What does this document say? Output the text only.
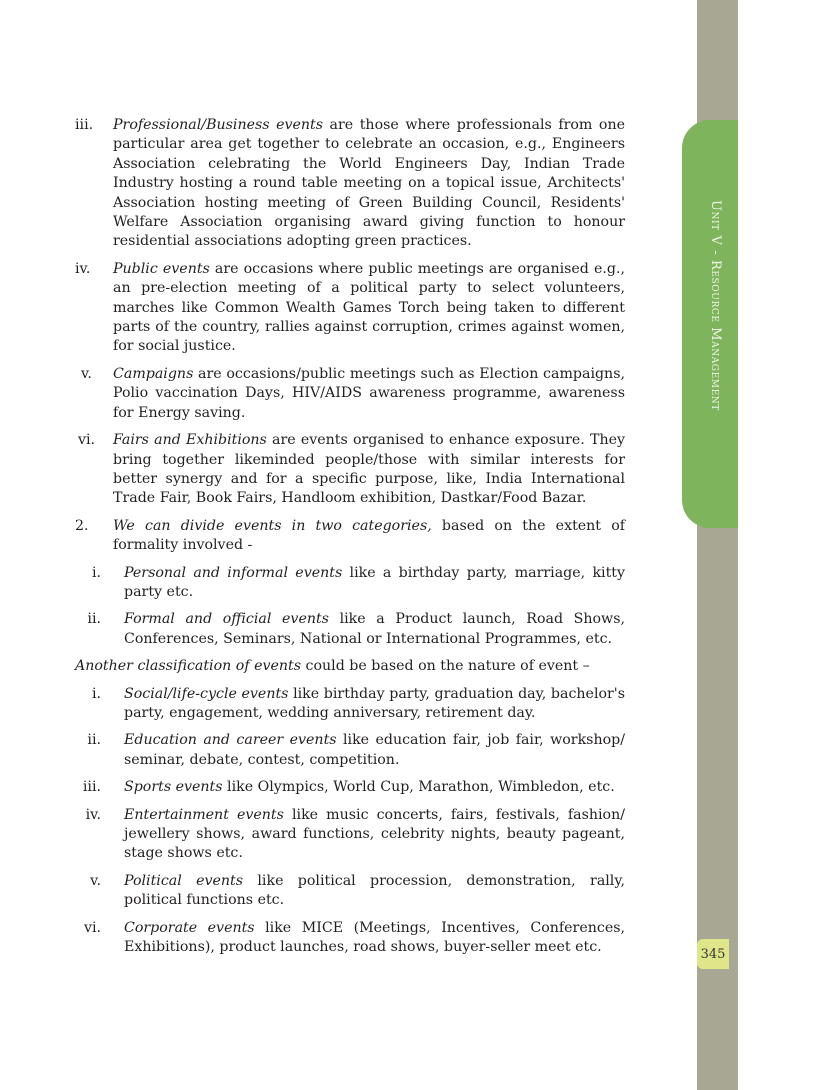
Unit V - Resource Management
345
iii.	Professional/Business events are those where professionals from one particular area get together to celebrate an occasion, e.g., Engineers Association celebrating the World Engineers Day, Indian Trade Industry hosting a round table meeting on a topical issue, Architects' Association hosting meeting of Green Building Council, Residents' Welfare Association organising award giving function to honour residential associations adopting green practices.
iv.	Public events are occasions where public meetings are organised e.g., an pre-election meeting of a political party to select volunteers, marches like Common Wealth Games Torch being taken to different parts of the country, rallies against corruption, crimes against women, for social justice.
v.	Campaigns are occasions/public meetings such as Election campaigns, Polio vaccination Days, HIV/AIDS awareness programme, awareness for Energy saving.
vi.	Fairs and Exhibitions are events organised to enhance exposure. They bring together likeminded people/those with similar interests for better synergy and for a specific purpose, like, India International Trade Fair, Book Fairs, Handloom exhibition, Dastkar/Food Bazar.
2.	We can divide events in two categories, based on the extent of formality involved -
i. Personal and informal events like a birthday party, marriage, kitty party etc.
ii. Formal and official events like a Product launch, Road Shows, Conferences, Seminars, National or International Programmes, etc.
Another classification of events could be based on the nature of event –
i. Social/life-cycle events like birthday party, graduation day, bachelor's party, engagement, wedding anniversary, retirement day.
ii. Education and career events like education fair, job fair, workshop/ seminar, debate, contest, competition.
iii. Sports events like Olympics, World Cup, Marathon, Wimbledon, etc.
iv. Entertainment events like music concerts, fairs, festivals, fashion/ jewellery shows, award functions, celebrity nights, beauty pageant, stage shows etc.
v. Political events like political procession, demonstration, rally, political functions etc.
vi. Corporate events like MICE (Meetings, Incentives, Conferences, Exhibitions), product launches, road shows, buyer-seller meet etc.
